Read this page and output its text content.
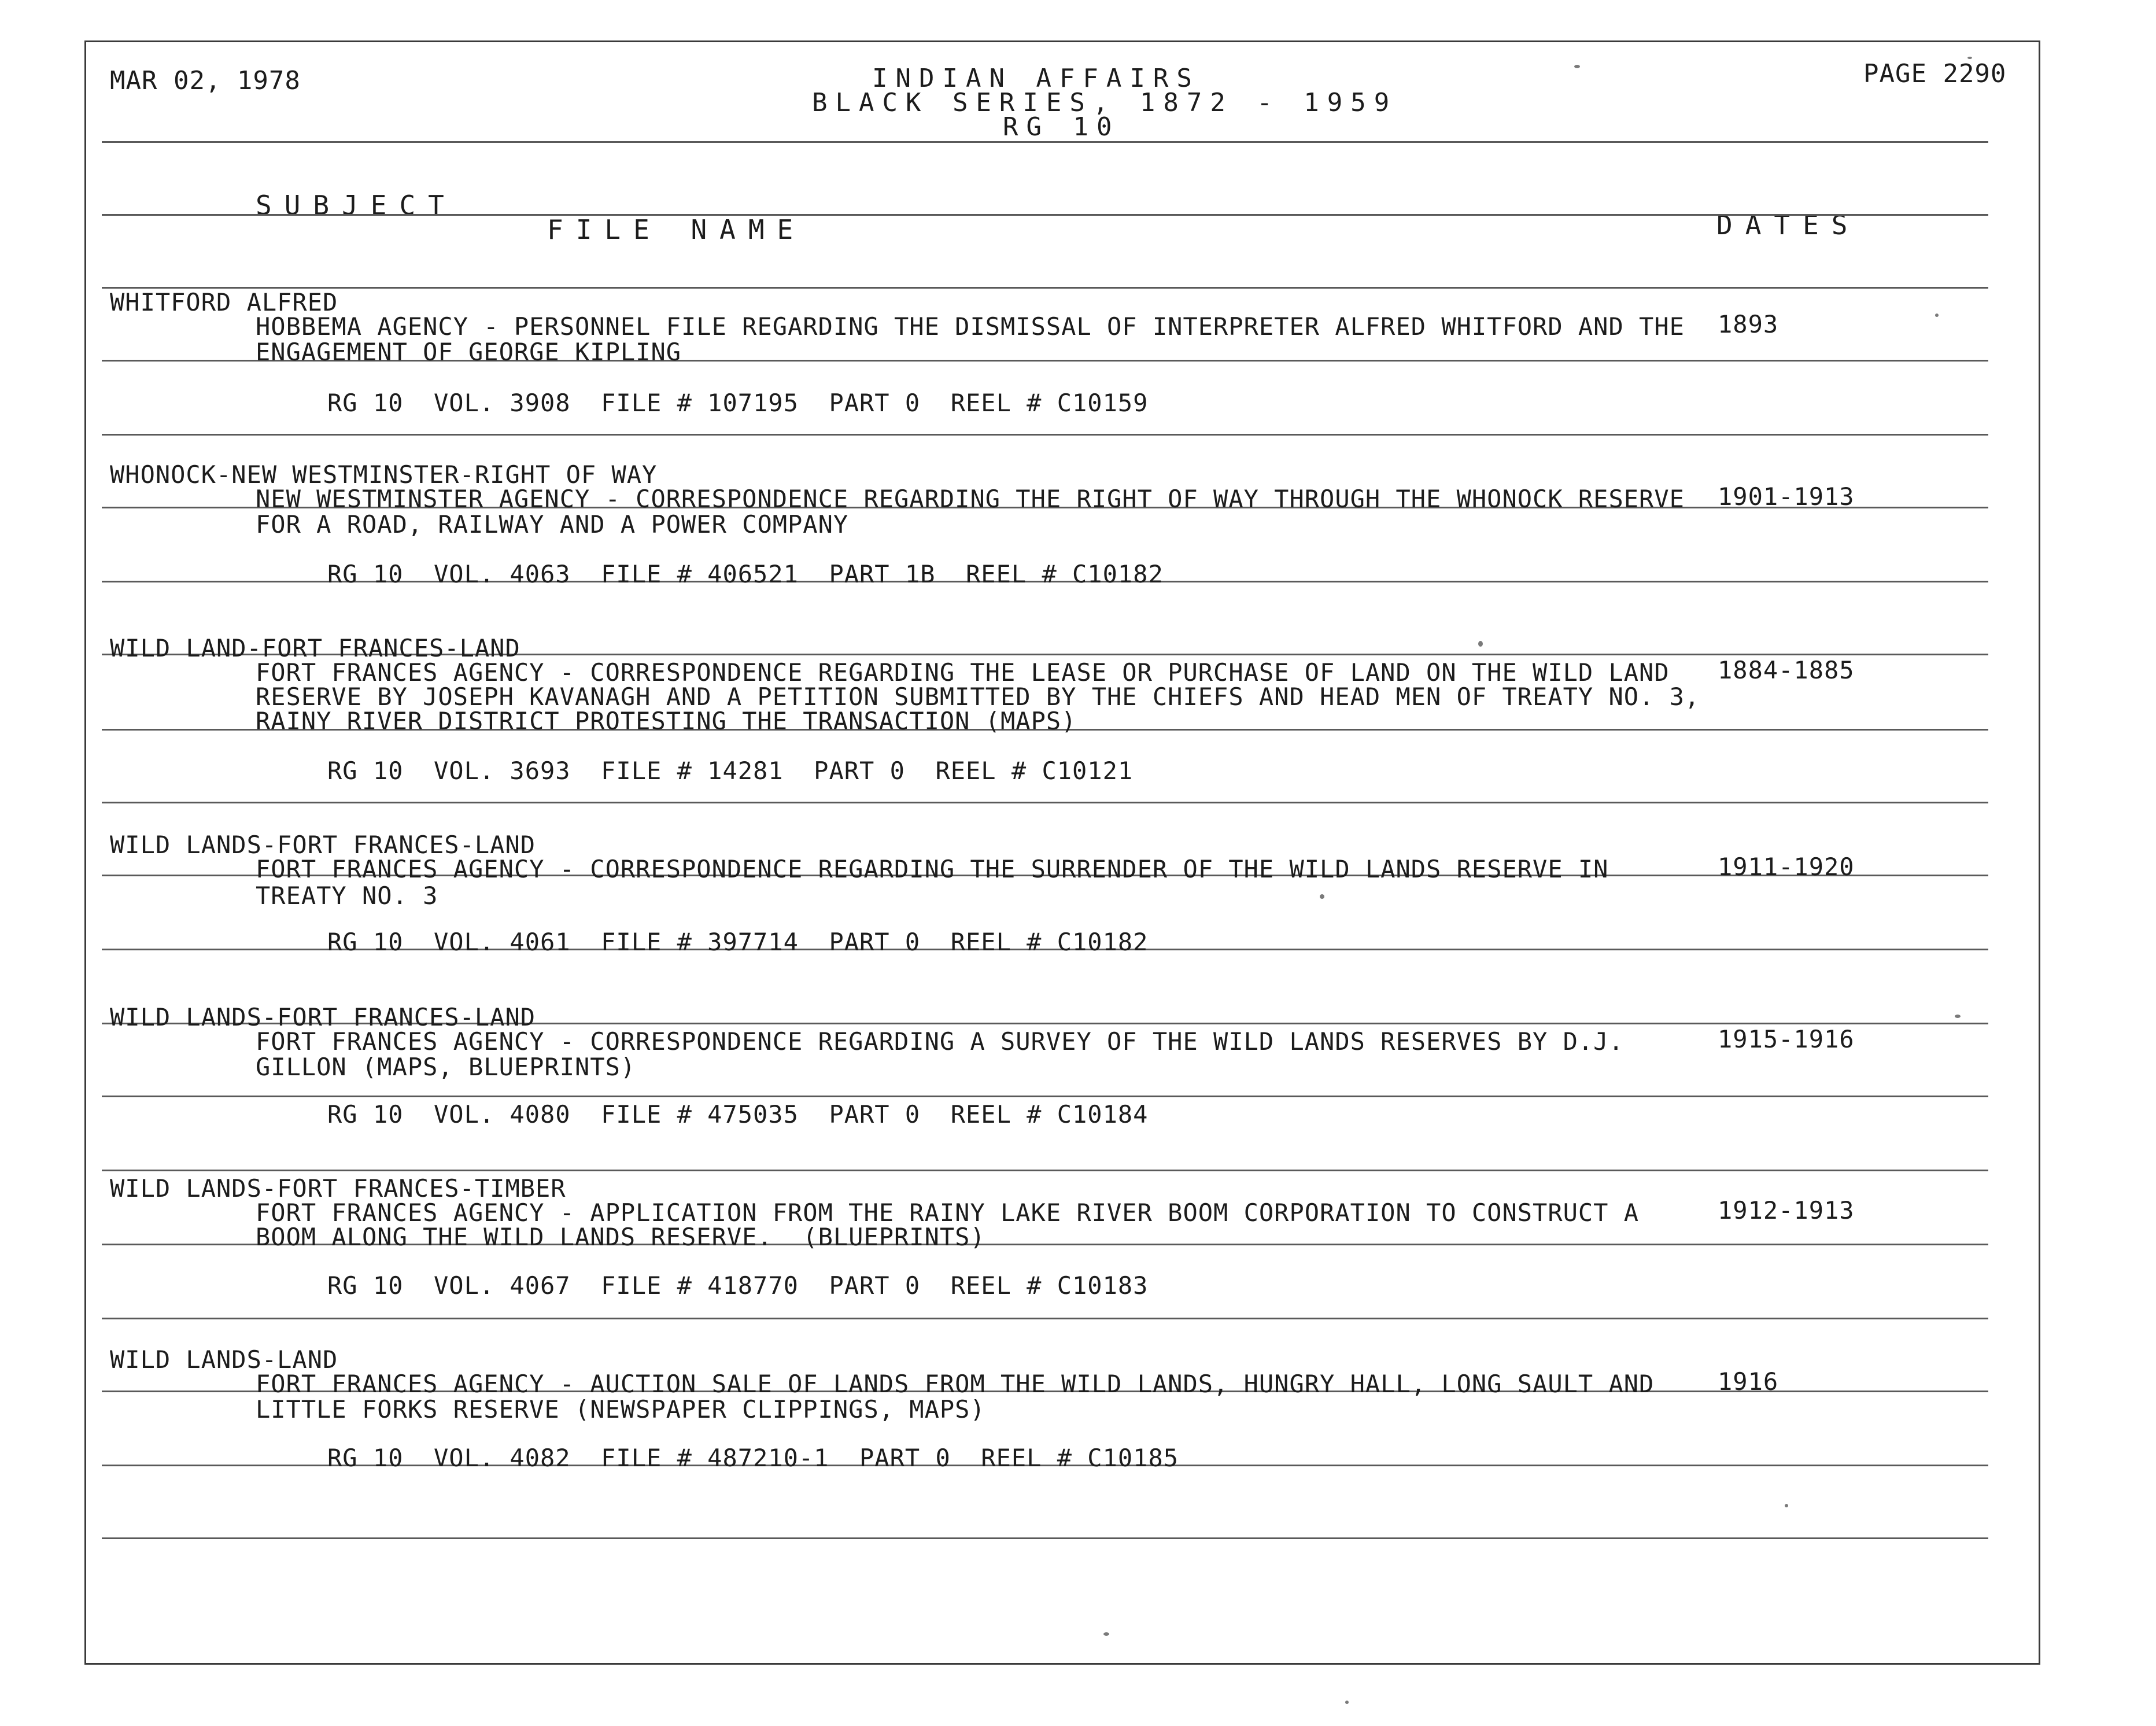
MAR 02, 1978	PAGE 2290
INDIAN AFFAIRS
BLACK SERIES, 1872 - 1959
RG 10
SUBJECT
FILE NAME	DATES
WHITFORD ALFRED
HOBBEMA AGENCY - PERSONNEL FILE REGARDING THE DISMISSAL OF INTERPRETER ALFRED WHITFORD AND THE
ENGAGEMENT OF GEORGE KIPLING
1893
RG 10  VOL. 3908  FILE # 107195  PART 0  REEL # C10159
WHONOCK-NEW WESTMINSTER-RIGHT OF WAY
NEW WESTMINSTER AGENCY - CORRESPONDENCE REGARDING THE RIGHT OF WAY THROUGH THE WHONOCK RESERVE
FOR A ROAD, RAILWAY AND A POWER COMPANY
1901-1913
RG 10  VOL. 4063  FILE # 406521  PART 1B  REEL # C10182
WILD LAND-FORT FRANCES-LAND
FORT FRANCES AGENCY - CORRESPONDENCE REGARDING THE LEASE OR PURCHASE OF LAND ON THE WILD LAND
RESERVE BY JOSEPH KAVANAGH AND A PETITION SUBMITTED BY THE CHIEFS AND HEAD MEN OF TREATY NO. 3,
RAINY RIVER DISTRICT PROTESTING THE TRANSACTION (MAPS)
1884-1885
RG 10  VOL. 3693  FILE # 14281  PART 0  REEL # C10121
WILD LANDS-FORT FRANCES-LAND
FORT FRANCES AGENCY - CORRESPONDENCE REGARDING THE SURRENDER OF THE WILD LANDS RESERVE IN
TREATY NO. 3
1911-1920
RG 10  VOL. 4061  FILE # 397714  PART 0  REEL # C10182
WILD LANDS-FORT FRANCES-LAND
FORT FRANCES AGENCY - CORRESPONDENCE REGARDING A SURVEY OF THE WILD LANDS RESERVES BY D.J.
GILLON (MAPS, BLUEPRINTS)
1915-1916
RG 10  VOL. 4080  FILE # 475035  PART 0  REEL # C10184
WILD LANDS-FORT FRANCES-TIMBER
FORT FRANCES AGENCY - APPLICATION FROM THE RAINY LAKE RIVER BOOM CORPORATION TO CONSTRUCT A
BOOM ALONG THE WILD LANDS RESERVE.  (BLUEPRINTS)
1912-1913
RG 10  VOL. 4067  FILE # 418770  PART 0  REEL # C10183
WILD LANDS-LAND
FORT FRANCES AGENCY - AUCTION SALE OF LANDS FROM THE WILD LANDS, HUNGRY HALL, LONG SAULT AND
LITTLE FORKS RESERVE (NEWSPAPER CLIPPINGS, MAPS)
1916
RG 10  VOL. 4082  FILE # 487210-1  PART 0  REEL # C10185
